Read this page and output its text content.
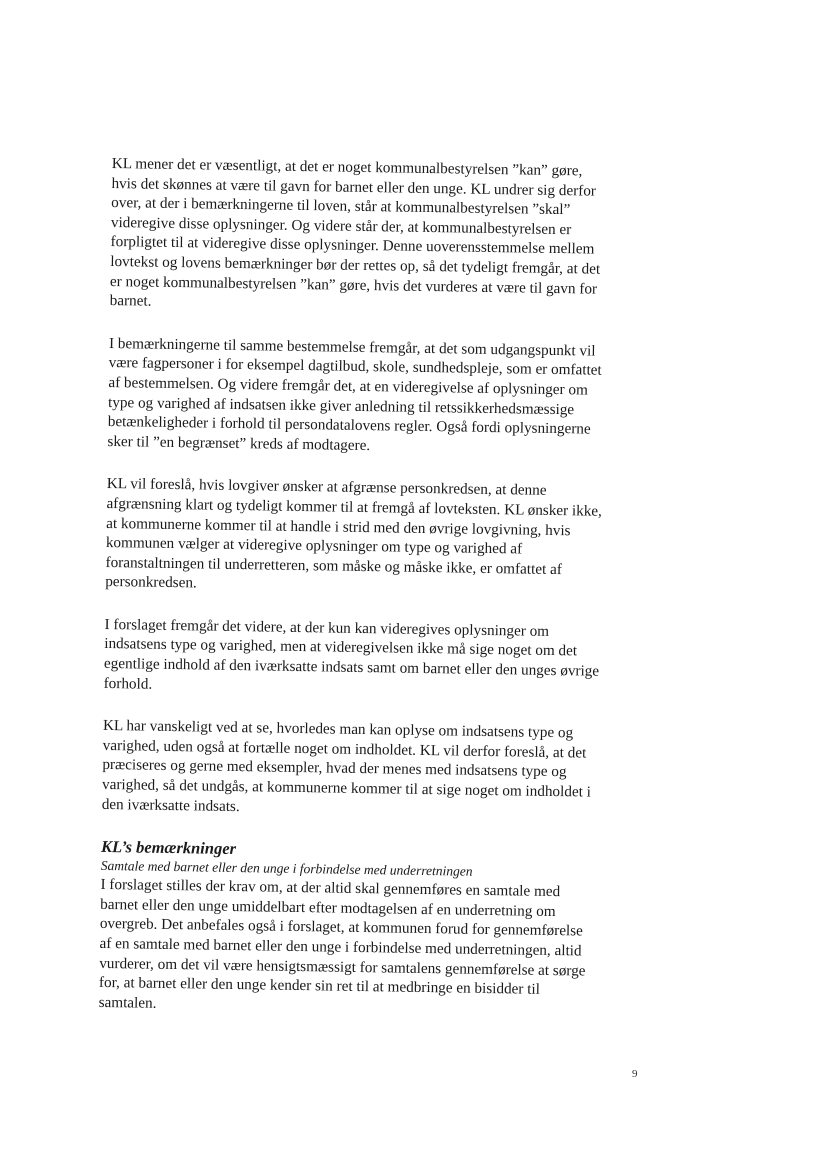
KL mener det er væsentligt, at det er noget kommunalbestyrelsen ”kan” gøre, hvis det skønnes at være til gavn for barnet eller den unge. KL undrer sig derfor over, at der i bemærkningerne til loven, står at kommunalbestyrelsen ”skal” videregive disse oplysninger. Og videre står der, at kommunalbestyrelsen er forpligtet til at videregive disse oplysninger. Denne uoverensstemmelse mellem lovtekst og lovens bemærkninger bør der rettes op, så det tydeligt fremgår, at det er noget kommunalbestyrelsen ”kan” gøre, hvis det vurderes at være til gavn for barnet.

I bemærkningerne til samme bestemmelse fremgår, at det som udgangspunkt vil være fagpersoner i for eksempel dagtilbud, skole, sundhedspleje, som er omfattet af bestemmelsen. Og videre fremgår det, at en videregivelse af oplysninger om type og varighed af indsatsen ikke giver anledning til retssikkerhedsmæssige betænkeligheder i forhold til persondatalovens regler. Også fordi oplysningerne sker til ”en begrænset” kreds af modtagere.

KL vil foreslå, hvis lovgiver ønsker at afgrænse personkredsen, at denne afgrænsning klart og tydeligt kommer til at fremgå af lovteksten. KL ønsker ikke, at kommunerne kommer til at handle i strid med den øvrige lovgivning, hvis kommunen vælger at videregive oplysninger om type og varighed af foranstaltningen til underretteren, som måske og måske ikke, er omfattet af personkredsen.

I forslaget fremgår det videre, at der kun kan videregives oplysninger om indsatsens type og varighed, men at videregivelsen ikke må sige noget om det egentlige indhold af den iværksatte indsats samt om barnet eller den unges øvrige forhold.

KL har vanskeligt ved at se, hvorledes man kan oplyse om indsatsens type og varighed, uden også at fortælle noget om indholdet. KL vil derfor foreslå, at det præciseres og gerne med eksempler, hvad der menes med indsatsens type og varighed, så det undgås, at kommunerne kommer til at sige noget om indholdet i den iværksatte indsats.

KL’s bemærkninger

Samtale med barnet eller den unge i forbindelse med underretningen

I forslaget stilles der krav om, at der altid skal gennemføres en samtale med barnet eller den unge umiddelbart efter modtagelsen af en underretning om overgreb. Det anbefales også i forslaget, at kommunen forud for gennemførelse af en samtale med barnet eller den unge i forbindelse med underretningen, altid vurderer, om det vil være hensigtsmæssigt for samtalens gennemførelse at sørge for, at barnet eller den unge kender sin ret til at medbringe en bisidder til samtalen.

9
